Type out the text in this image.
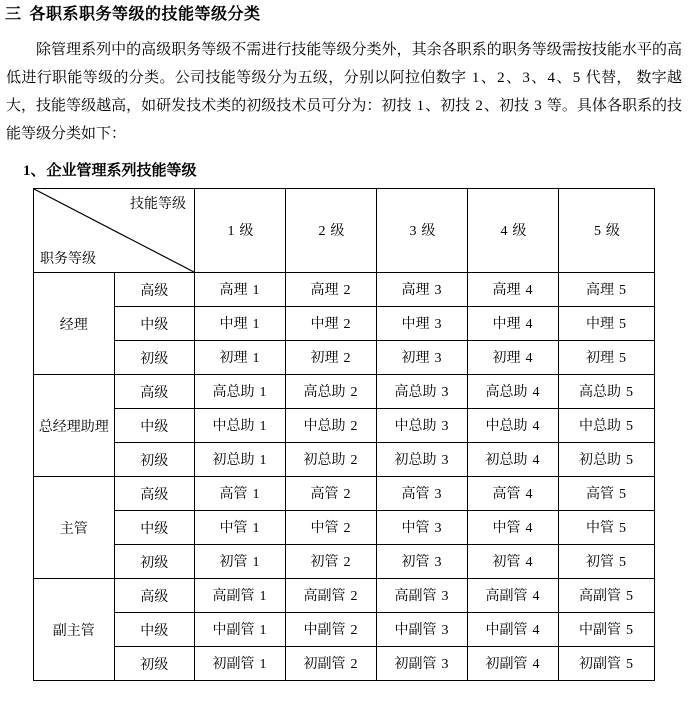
三 各职系职务等级的技能等级分类

除管理系列中的高级职务等级不需进行技能等级分类外，其余各职系的职务等级需按技能水平的高低进行职能等级的分类。公司技能等级分为五级，分别以阿拉伯数字 1、2、3、4、5 代替， 数字越大，技能等级越高，如研发技术类的初级技术员可分为：初技 1、初技 2、初技 3 等。具体各职系的技能等级分类如下：

1、企业管理系列技能等级
技能等级
职务等级		1 级	2 级	3 级	4 级	5 级

经理	高级	高理 1	高理 2	高理 3	高理 4	高理 5
	中级	中理 1	中理 2	中理 3	中理 4	中理 5
	初级	初理 1	初理 2	初理 3	初理 4	初理 5

总经理助理	高级	高总助 1	高总助 2	高总助 3	高总助 4	高总助 5
	中级	中总助 1	中总助 2	中总助 3	中总助 4	中总助 5
	初级	初总助 1	初总助 2	初总助 3	初总助 4	初总助 5

主管	高级	高管 1	高管 2	高管 3	高管 4	高管 5
	中级	中管 1	中管 2	中管 3	中管 4	中管 5
	初级	初管 1	初管 2	初管 3	初管 4	初管 5

副主管	高级	高副管 1	高副管 2	高副管 3	高副管 4	高副管 5
	中级	中副管 1	中副管 2	中副管 3	中副管 4	中副管 5
	初级	初副管 1	初副管 2	初副管 3	初副管 4	初副管 5
